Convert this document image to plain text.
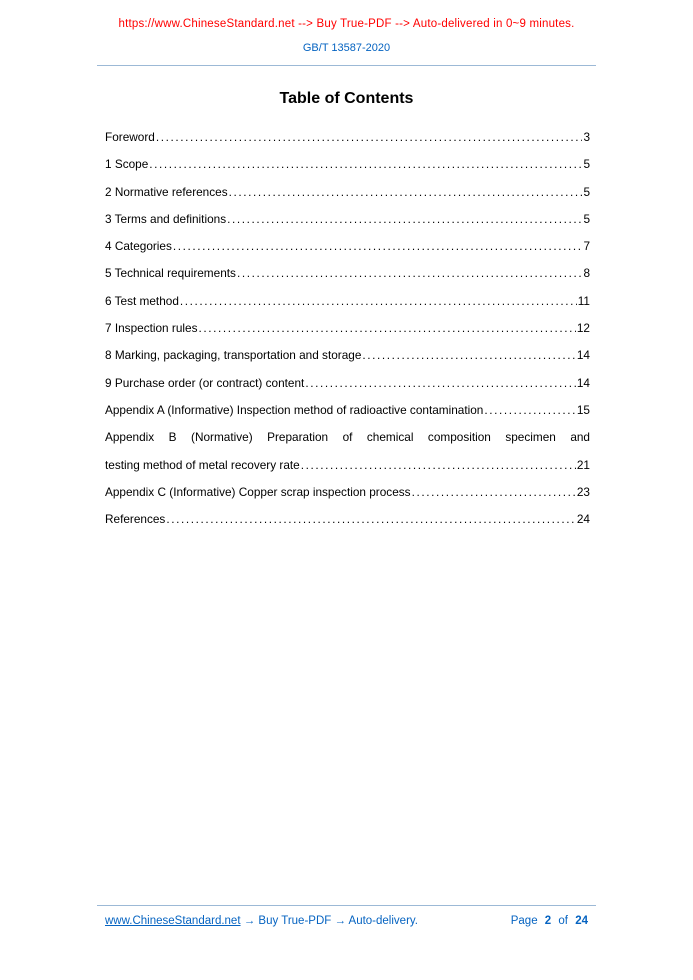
https://www.ChineseStandard.net --> Buy True-PDF --> Auto-delivered in 0~9 minutes.
GB/T 13587-2020
Table of Contents
Foreword .....	3
1 Scope .....	5
2 Normative references .....	5
3 Terms and definitions .....	5
4 Categories .....	7
5 Technical requirements .....	8
6 Test method .....	11
7 Inspection rules .....	12
8 Marking, packaging, transportation and storage .....	14
9 Purchase order (or contract) content .....	14
Appendix A (Informative) Inspection method of radioactive contamination .....	15
Appendix B (Normative) Preparation of chemical composition specimen and
testing method of metal recovery rate .....	21
Appendix C (Informative) Copper scrap inspection process .....	23
References .....	24
www.ChineseStandard.net → Buy True-PDF → Auto-delivery.	Page 2 of 24
